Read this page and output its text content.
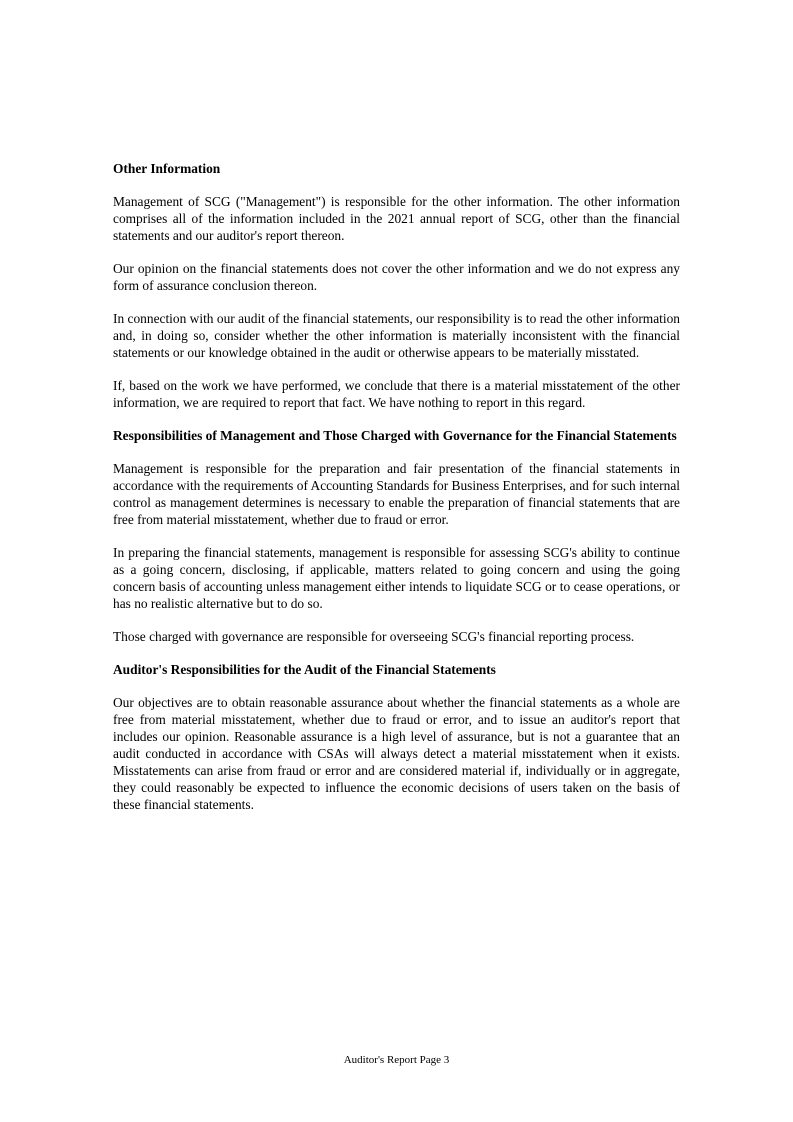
Other Information

Management of SCG ("Management") is responsible for the other information. The other information comprises all of the information included in the 2021 annual report of SCG, other than the financial statements and our auditor's report thereon.

Our opinion on the financial statements does not cover the other information and we do not express any form of assurance conclusion thereon.

In connection with our audit of the financial statements, our responsibility is to read the other information and, in doing so, consider whether the other information is materially inconsistent with the financial statements or our knowledge obtained in the audit or otherwise appears to be materially misstated.

If, based on the work we have performed, we conclude that there is a material misstatement of the other information, we are required to report that fact. We have nothing to report in this regard.

Responsibilities of Management and Those Charged with Governance for the Financial Statements

Management is responsible for the preparation and fair presentation of the financial statements in accordance with the requirements of Accounting Standards for Business Enterprises, and for such internal control as management determines is necessary to enable the preparation of financial statements that are free from material misstatement, whether due to fraud or error.

In preparing the financial statements, management is responsible for assessing SCG's ability to continue as a going concern, disclosing, if applicable, matters related to going concern and using the going concern basis of accounting unless management either intends to liquidate SCG or to cease operations, or has no realistic alternative but to do so.

Those charged with governance are responsible for overseeing SCG's financial reporting process.

Auditor's Responsibilities for the Audit of the Financial Statements

Our objectives are to obtain reasonable assurance about whether the financial statements as a whole are free from material misstatement, whether due to fraud or error, and to issue an auditor's report that includes our opinion. Reasonable assurance is a high level of assurance, but is not a guarantee that an audit conducted in accordance with CSAs will always detect a material misstatement when it exists. Misstatements can arise from fraud or error and are considered material if, individually or in aggregate, they could reasonably be expected to influence the economic decisions of users taken on the basis of these financial statements.

Auditor's Report Page 3
